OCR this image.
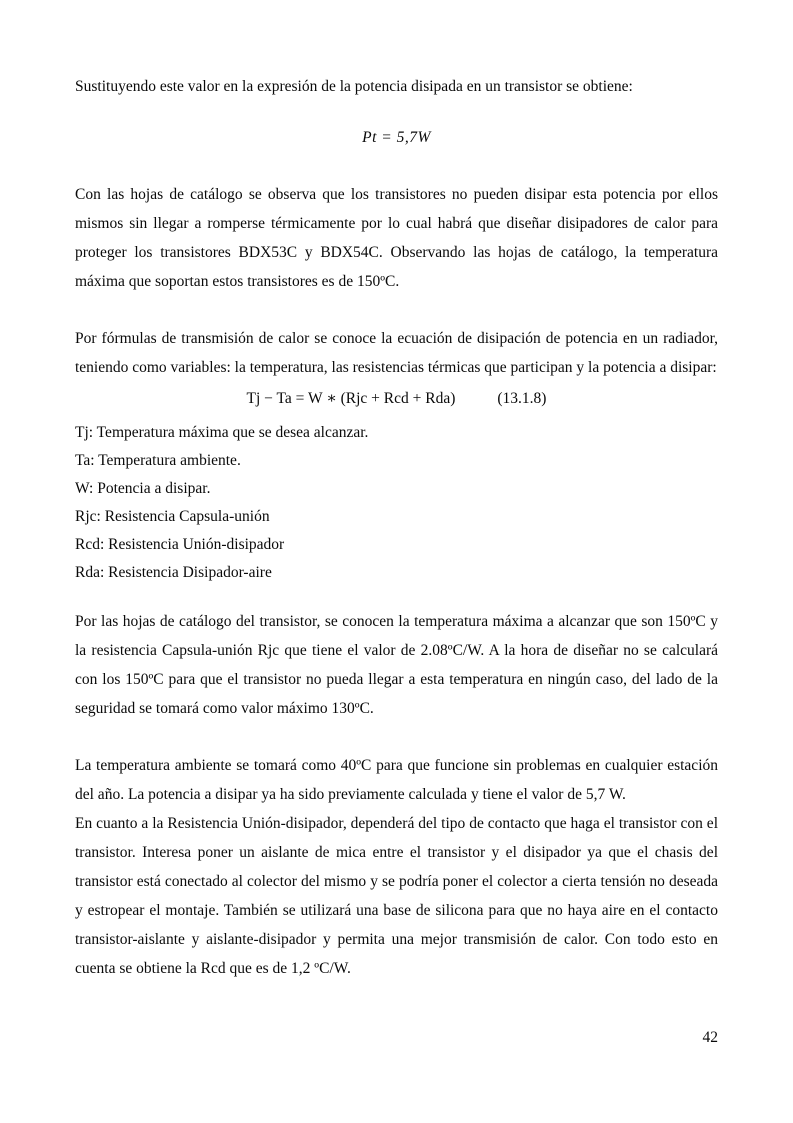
Sustituyendo este valor en la expresión de la potencia disipada en un transistor se obtiene:

Pt = 5,7W

Con las hojas de catálogo se observa que los transistores no pueden disipar esta potencia por ellos mismos sin llegar a romperse térmicamente por lo cual habrá que diseñar disipadores de calor para proteger los transistores BDX53C y BDX54C. Observando las hojas de catálogo, la temperatura máxima que soportan estos transistores es de 150ºC.

Por fórmulas de transmisión de calor se conoce la ecuación de disipación de potencia en un radiador, teniendo como variables: la temperatura, las resistencias térmicas que participan y la potencia a disipar:

Tj − Ta = W ∗ (Rjc + Rcd + Rda)	(13.1.8)
Tj: Temperatura máxima que se desea alcanzar.
Ta: Temperatura ambiente.
W: Potencia a disipar.
Rjc: Resistencia Capsula-unión
Rcd: Resistencia Unión-disipador
Rda: Resistencia Disipador-aire

Por las hojas de catálogo del transistor, se conocen la temperatura máxima a alcanzar que son 150ºC y la resistencia Capsula-unión Rjc que tiene el valor de 2.08ºC/W. A la hora de diseñar no se calculará con los 150ºC para que el transistor no pueda llegar a esta temperatura en ningún caso, del lado de la seguridad se tomará como valor máximo 130ºC.

La temperatura ambiente se tomará como 40ºC para que funcione sin problemas en cualquier estación del año. La potencia a disipar ya ha sido previamente calculada y tiene el valor de 5,7 W.

En cuanto a la Resistencia Unión-disipador, dependerá del tipo de contacto que haga el transistor con el transistor. Interesa poner un aislante de mica entre el transistor y el disipador ya que el chasis del transistor está conectado al colector del mismo y se podría poner el colector a cierta tensión no deseada y estropear el montaje. También se utilizará una base de silicona para que no haya aire en el contacto transistor-aislante y aislante-disipador y permita una mejor transmisión de calor. Con todo esto en cuenta se obtiene la Rcd que es de 1,2 ºC/W.

42
